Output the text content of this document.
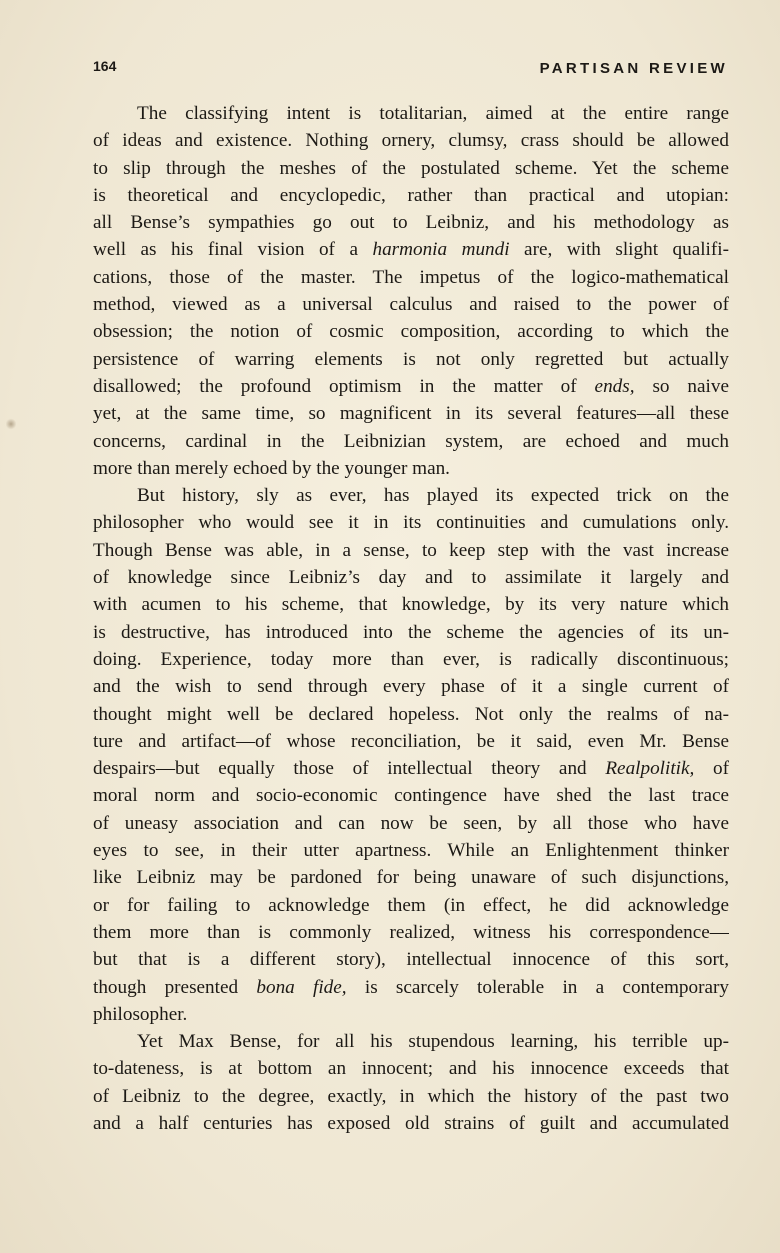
164	PARTISAN REVIEW
The classifying intent is totalitarian, aimed at the entire range
of ideas and existence. Nothing ornery, clumsy, crass should be allowed
to slip through the meshes of the postulated scheme. Yet the scheme
is theoretical and encyclopedic, rather than practical and utopian:
all Bense’s sympathies go out to Leibniz, and his methodology as
well as his final vision of a harmonia mundi are, with slight qualifi-
cations, those of the master. The impetus of the logico-mathematical
method, viewed as a universal calculus and raised to the power of
obsession; the notion of cosmic composition, according to which the
persistence of warring elements is not only regretted but actually
disallowed; the profound optimism in the matter of ends, so naive
yet, at the same time, so magnificent in its several features—all these
concerns, cardinal in the Leibnizian system, are echoed and much
more than merely echoed by the younger man.
But history, sly as ever, has played its expected trick on the
philosopher who would see it in its continuities and cumulations only.
Though Bense was able, in a sense, to keep step with the vast increase
of knowledge since Leibniz’s day and to assimilate it largely and
with acumen to his scheme, that knowledge, by its very nature which
is destructive, has introduced into the scheme the agencies of its un-
doing. Experience, today more than ever, is radically discontinuous;
and the wish to send through every phase of it a single current of
thought might well be declared hopeless. Not only the realms of na-
ture and artifact—of whose reconciliation, be it said, even Mr. Bense
despairs—but equally those of intellectual theory and Realpolitik, of
moral norm and socio-economic contingence have shed the last trace
of uneasy association and can now be seen, by all those who have
eyes to see, in their utter apartness. While an Enlightenment thinker
like Leibniz may be pardoned for being unaware of such disjunctions,
or for failing to acknowledge them (in effect, he did acknowledge
them more than is commonly realized, witness his correspondence—
but that is a different story), intellectual innocence of this sort,
though presented bona fide, is scarcely tolerable in a contemporary
philosopher.
Yet Max Bense, for all his stupendous learning, his terrible up-
to-dateness, is at bottom an innocent; and his innocence exceeds that
of Leibniz to the degree, exactly, in which the history of the past two
and a half centuries has exposed old strains of guilt and accumulated
